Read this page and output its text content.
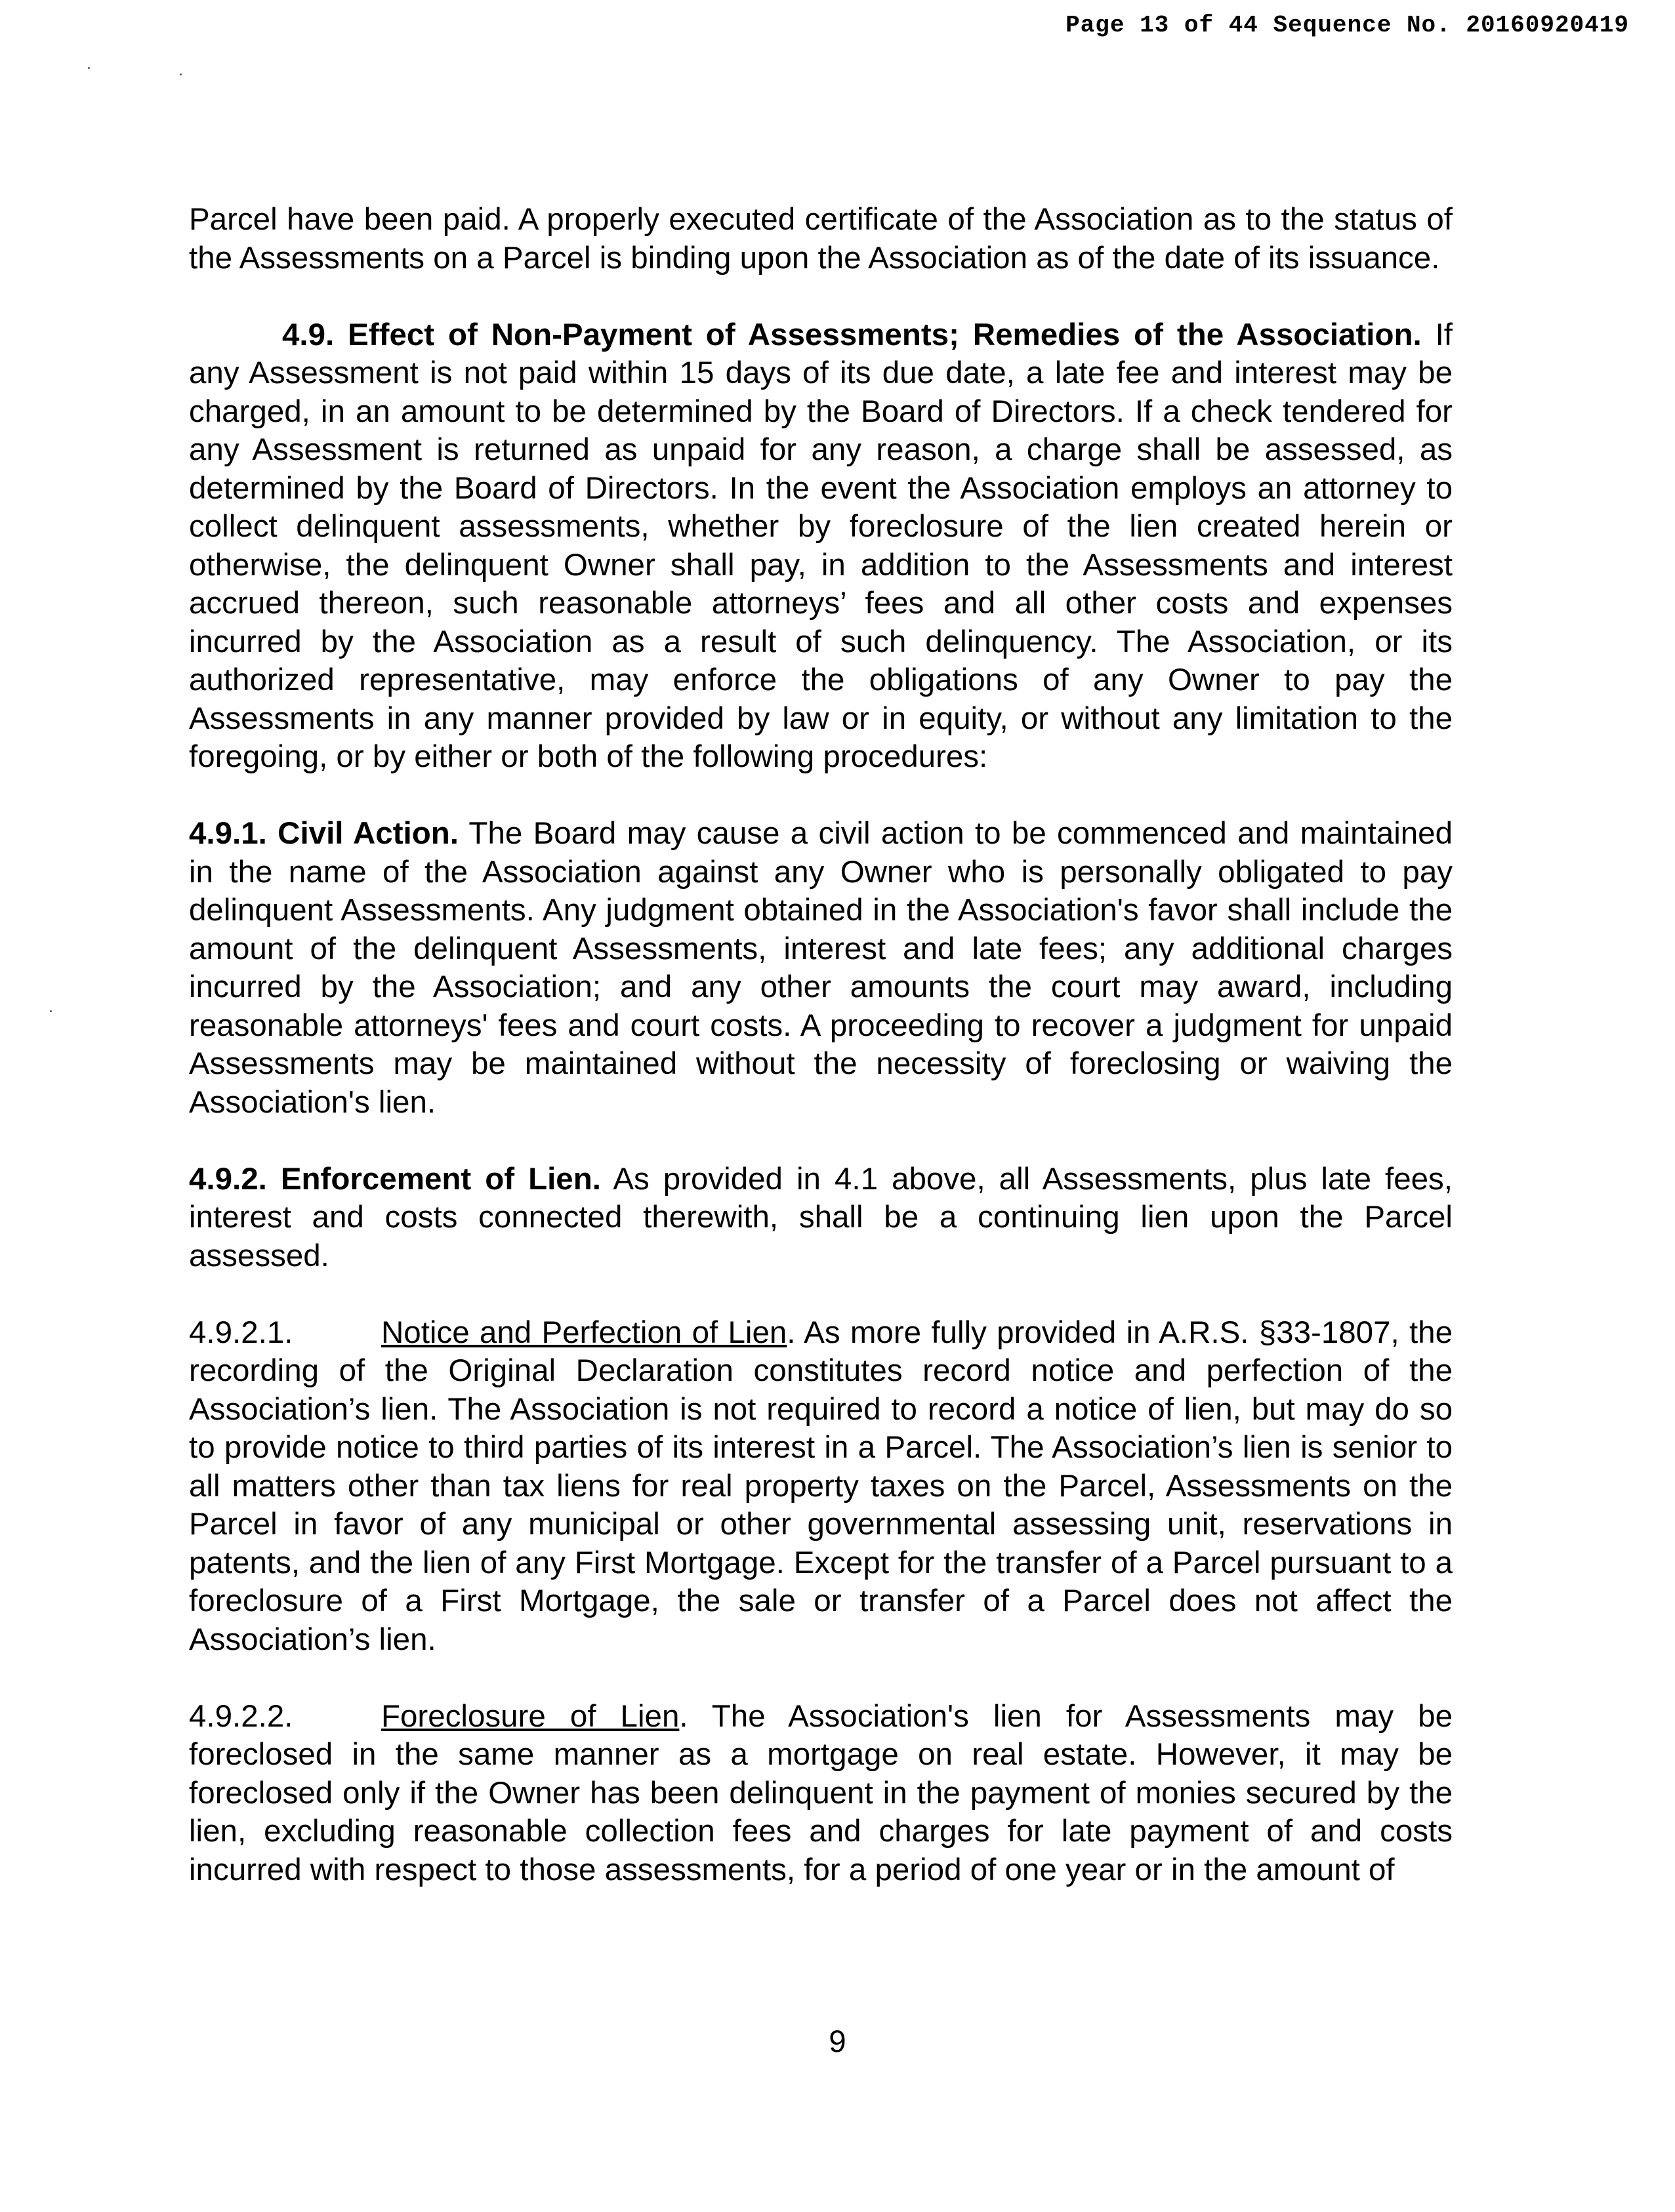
Page 13 of 44 Sequence No. 20160920419

Parcel have been paid. A properly executed certificate of the Association as to the status of the Assessments on a Parcel is binding upon the Association as of the date of its issuance.

4.9. Effect of Non-Payment of Assessments; Remedies of the Association. If any Assessment is not paid within 15 days of its due date, a late fee and interest may be charged, in an amount to be determined by the Board of Directors. If a check tendered for any Assessment is returned as unpaid for any reason, a charge shall be assessed, as determined by the Board of Directors. In the event the Association employs an attorney to collect delinquent assessments, whether by foreclosure of the lien created herein or otherwise, the delinquent Owner shall pay, in addition to the Assessments and interest accrued thereon, such reasonable attorneys’ fees and all other costs and expenses incurred by the Association as a result of such delinquency. The Association, or its authorized representative, may enforce the obligations of any Owner to pay the Assessments in any manner provided by law or in equity, or without any limitation to the foregoing, or by either or both of the following procedures:

4.9.1. Civil Action. The Board may cause a civil action to be commenced and maintained in the name of the Association against any Owner who is personally obligated to pay delinquent Assessments. Any judgment obtained in the Association's favor shall include the amount of the delinquent Assessments, interest and late fees; any additional charges incurred by the Association; and any other amounts the court may award, including reasonable attorneys' fees and court costs. A proceeding to recover a judgment for unpaid Assessments may be maintained without the necessity of foreclosing or waiving the Association's lien.

4.9.2. Enforcement of Lien. As provided in 4.1 above, all Assessments, plus late fees, interest and costs connected therewith, shall be a continuing lien upon the Parcel assessed.

4.9.2.1.	Notice and Perfection of Lien. As more fully provided in A.R.S. §33-1807, the recording of the Original Declaration constitutes record notice and perfection of the Association’s lien. The Association is not required to record a notice of lien, but may do so to provide notice to third parties of its interest in a Parcel. The Association’s lien is senior to all matters other than tax liens for real property taxes on the Parcel, Assessments on the Parcel in favor of any municipal or other governmental assessing unit, reservations in patents, and the lien of any First Mortgage. Except for the transfer of a Parcel pursuant to a foreclosure of a First Mortgage, the sale or transfer of a Parcel does not affect the Association’s lien.

4.9.2.2.	Foreclosure of Lien. The Association's lien for Assessments may be foreclosed in the same manner as a mortgage on real estate. However, it may be foreclosed only if the Owner has been delinquent in the payment of monies secured by the lien, excluding reasonable collection fees and charges for late payment of and costs incurred with respect to those assessments, for a period of one year or in the amount of

9
